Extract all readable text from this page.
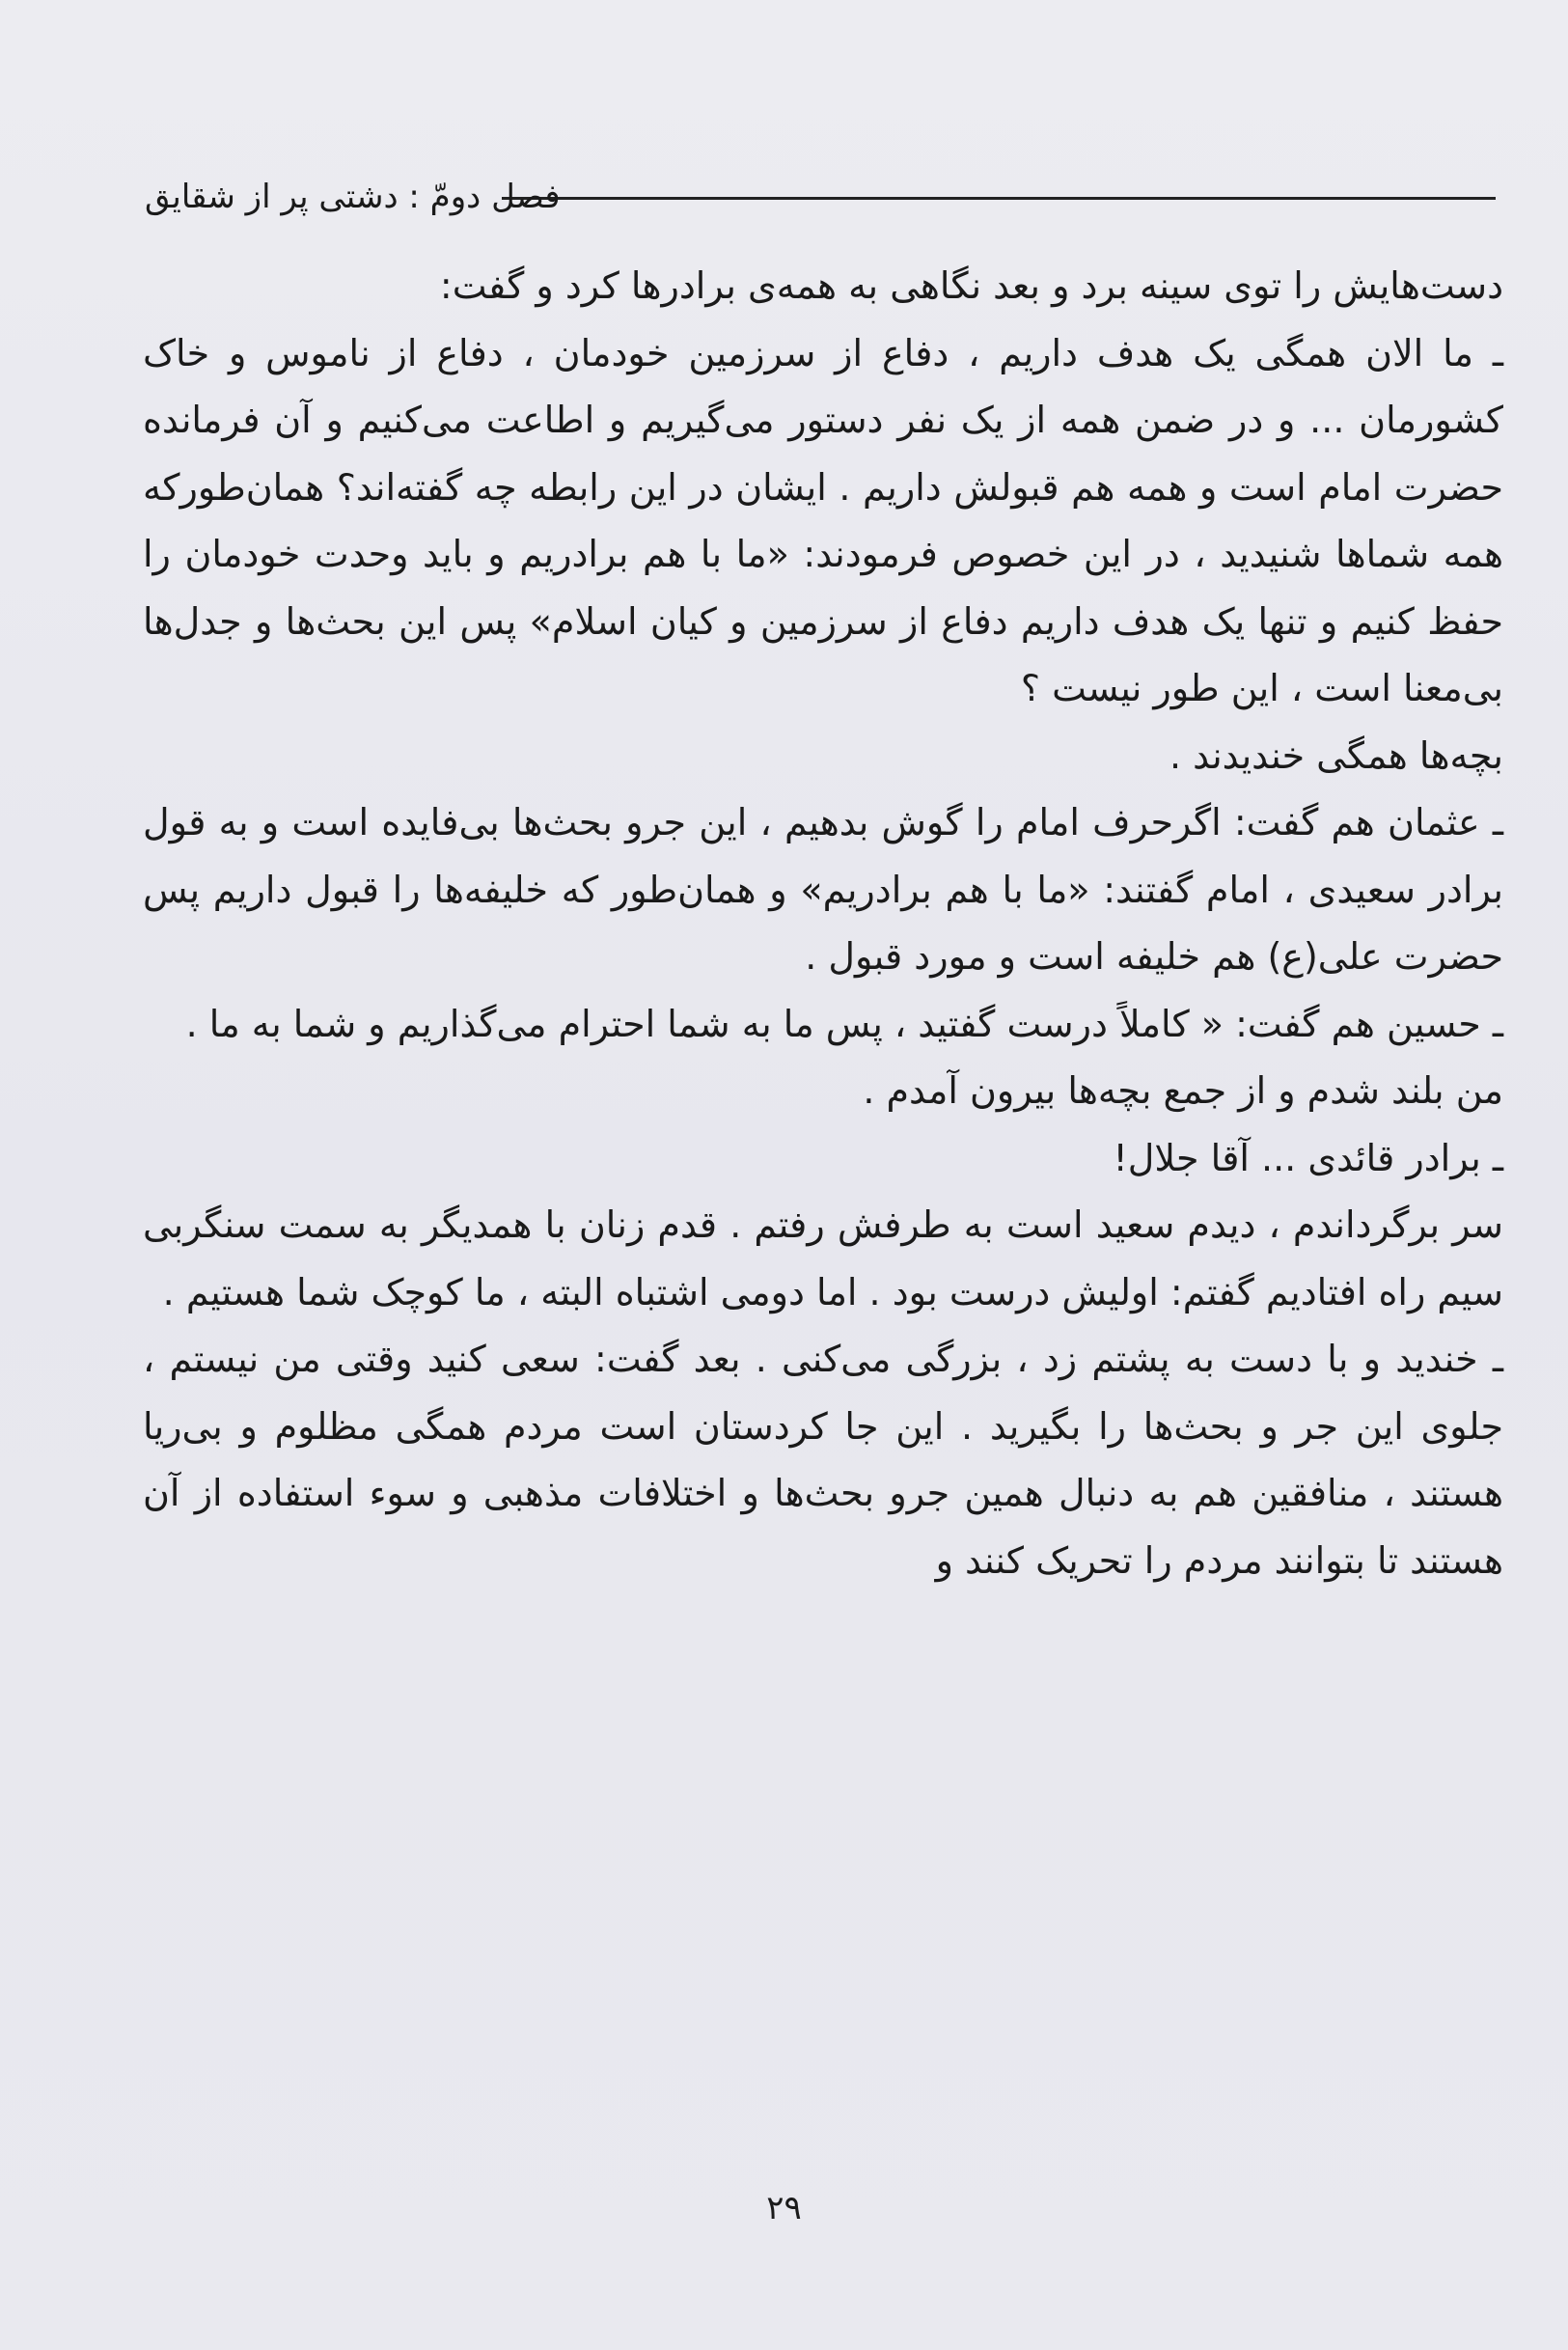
فصل دومّ : دشتی پر از شقایق

دست‌هایش را توی سینه برد و بعد نگاهی به همه‌ی برادرها کرد و گفت:

ـ ما الان همگی یک هدف داریم ، دفاع از سرزمین خودمان ، دفاع از ناموس و خاک کشورمان ... و در ضمن همه از یک نفر دستور می‌گیریم و اطاعت می‌کنیم و آن فرمانده حضرت امام است و همه هم قبولش داریم . ایشان در این رابطه چه گفته‌اند؟ همان‌طورکه همه شماها شنیدید ، در این خصوص فرمودند: «ما با هم برادریم و باید وحدت خودمان را حفظ کنیم و تنها یک هدف داریم دفاع از سرزمین و کیان اسلام» پس این بحث‌ها و جدل‌ها بی‌معنا است ، این طور نیست ؟

بچه‌ها همگی خندیدند .

ـ عثمان هم گفت: اگرحرف امام را گوش بدهیم ، این جرو بحث‌ها بی‌فایده است و به قول برادر سعیدی ، امام گفتند: «ما با هم برادریم» و همان‌طور که خلیفه‌ها را قبول داریم پس حضرت علی(ع) هم خلیفه است و مورد قبول .

ـ حسین هم گفت: « کاملاً درست گفتید ، پس ما به شما احترام می‌گذاریم و شما به ما .

من بلند شدم و از جمع بچه‌ها بیرون آمدم .

ـ برادر قائدی ... آقا جلال!

سر برگرداندم ، دیدم سعید است به طرفش رفتم . قدم زنان با همدیگر به سمت سنگربی سیم راه افتادیم گفتم: اولیش درست بود . اما دومی اشتباه البته ، ما کوچک شما هستیم .

ـ خندید و با دست به پشتم زد ، بزرگی می‌کنی . بعد گفت: سعی کنید وقتی من نیستم ، جلوی این جر و بحث‌ها را بگیرید . این جا کردستان است مردم همگی مظلوم و بی‌ریا هستند ، منافقین هم به دنبال همین جرو بحث‌ها و اختلافات مذهبی و سوء استفاده از آن هستند تا بتوانند مردم را تحریک کنند و

۲۹
